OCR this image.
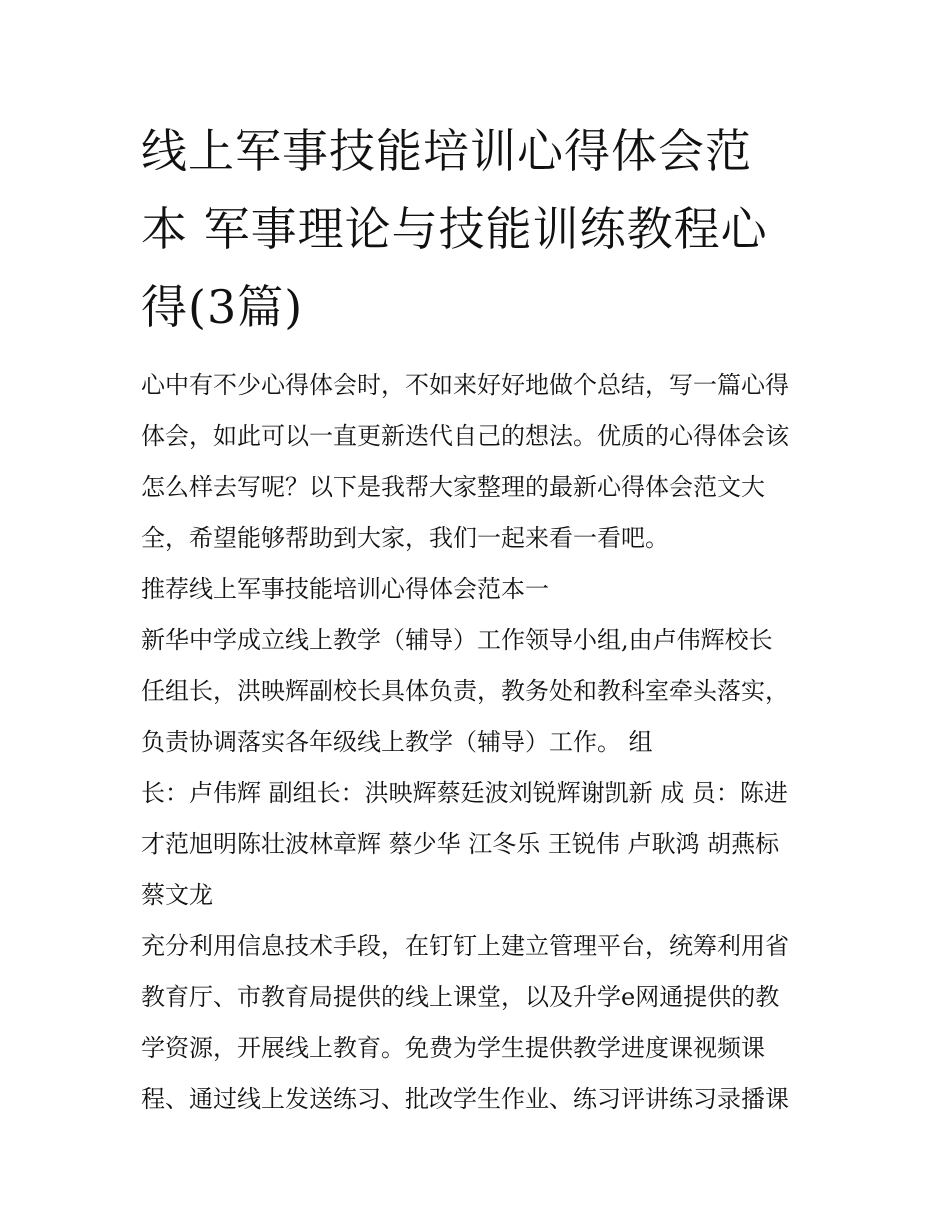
线上军事技能培训心得体会范
本 军事理论与技能训练教程心
得(3篇)

心中有不少心得体会时，不如来好好地做个总结，写一篇心得
体会，如此可以一直更新迭代自己的想法。优质的心得体会该
怎么样去写呢？以下是我帮大家整理的最新心得体会范文大
全，希望能够帮助到大家，我们一起来看一看吧。

推荐线上军事技能培训心得体会范本一

新华中学成立线上教学（辅导）工作领导小组,由卢伟辉校长
任组长，洪映辉副校长具体负责，教务处和教科室牵头落实，
负责协调落实各年级线上教学（辅导）工作。 组
长：卢伟辉 副组长：洪映辉蔡廷波刘锐辉谢凯新 成 员：陈进
才范旭明陈壮波林章辉 蔡少华 江冬乐 王锐伟 卢耿鸿 胡燕标
蔡文龙

充分利用信息技术手段，在钉钉上建立管理平台，统筹利用省
教育厅、市教育局提供的线上课堂，以及升学e网通提供的教
学资源，开展线上教育。免费为学生提供教学进度课视频课
程、通过线上发送练习、批改学生作业、练习评讲练习录播课
